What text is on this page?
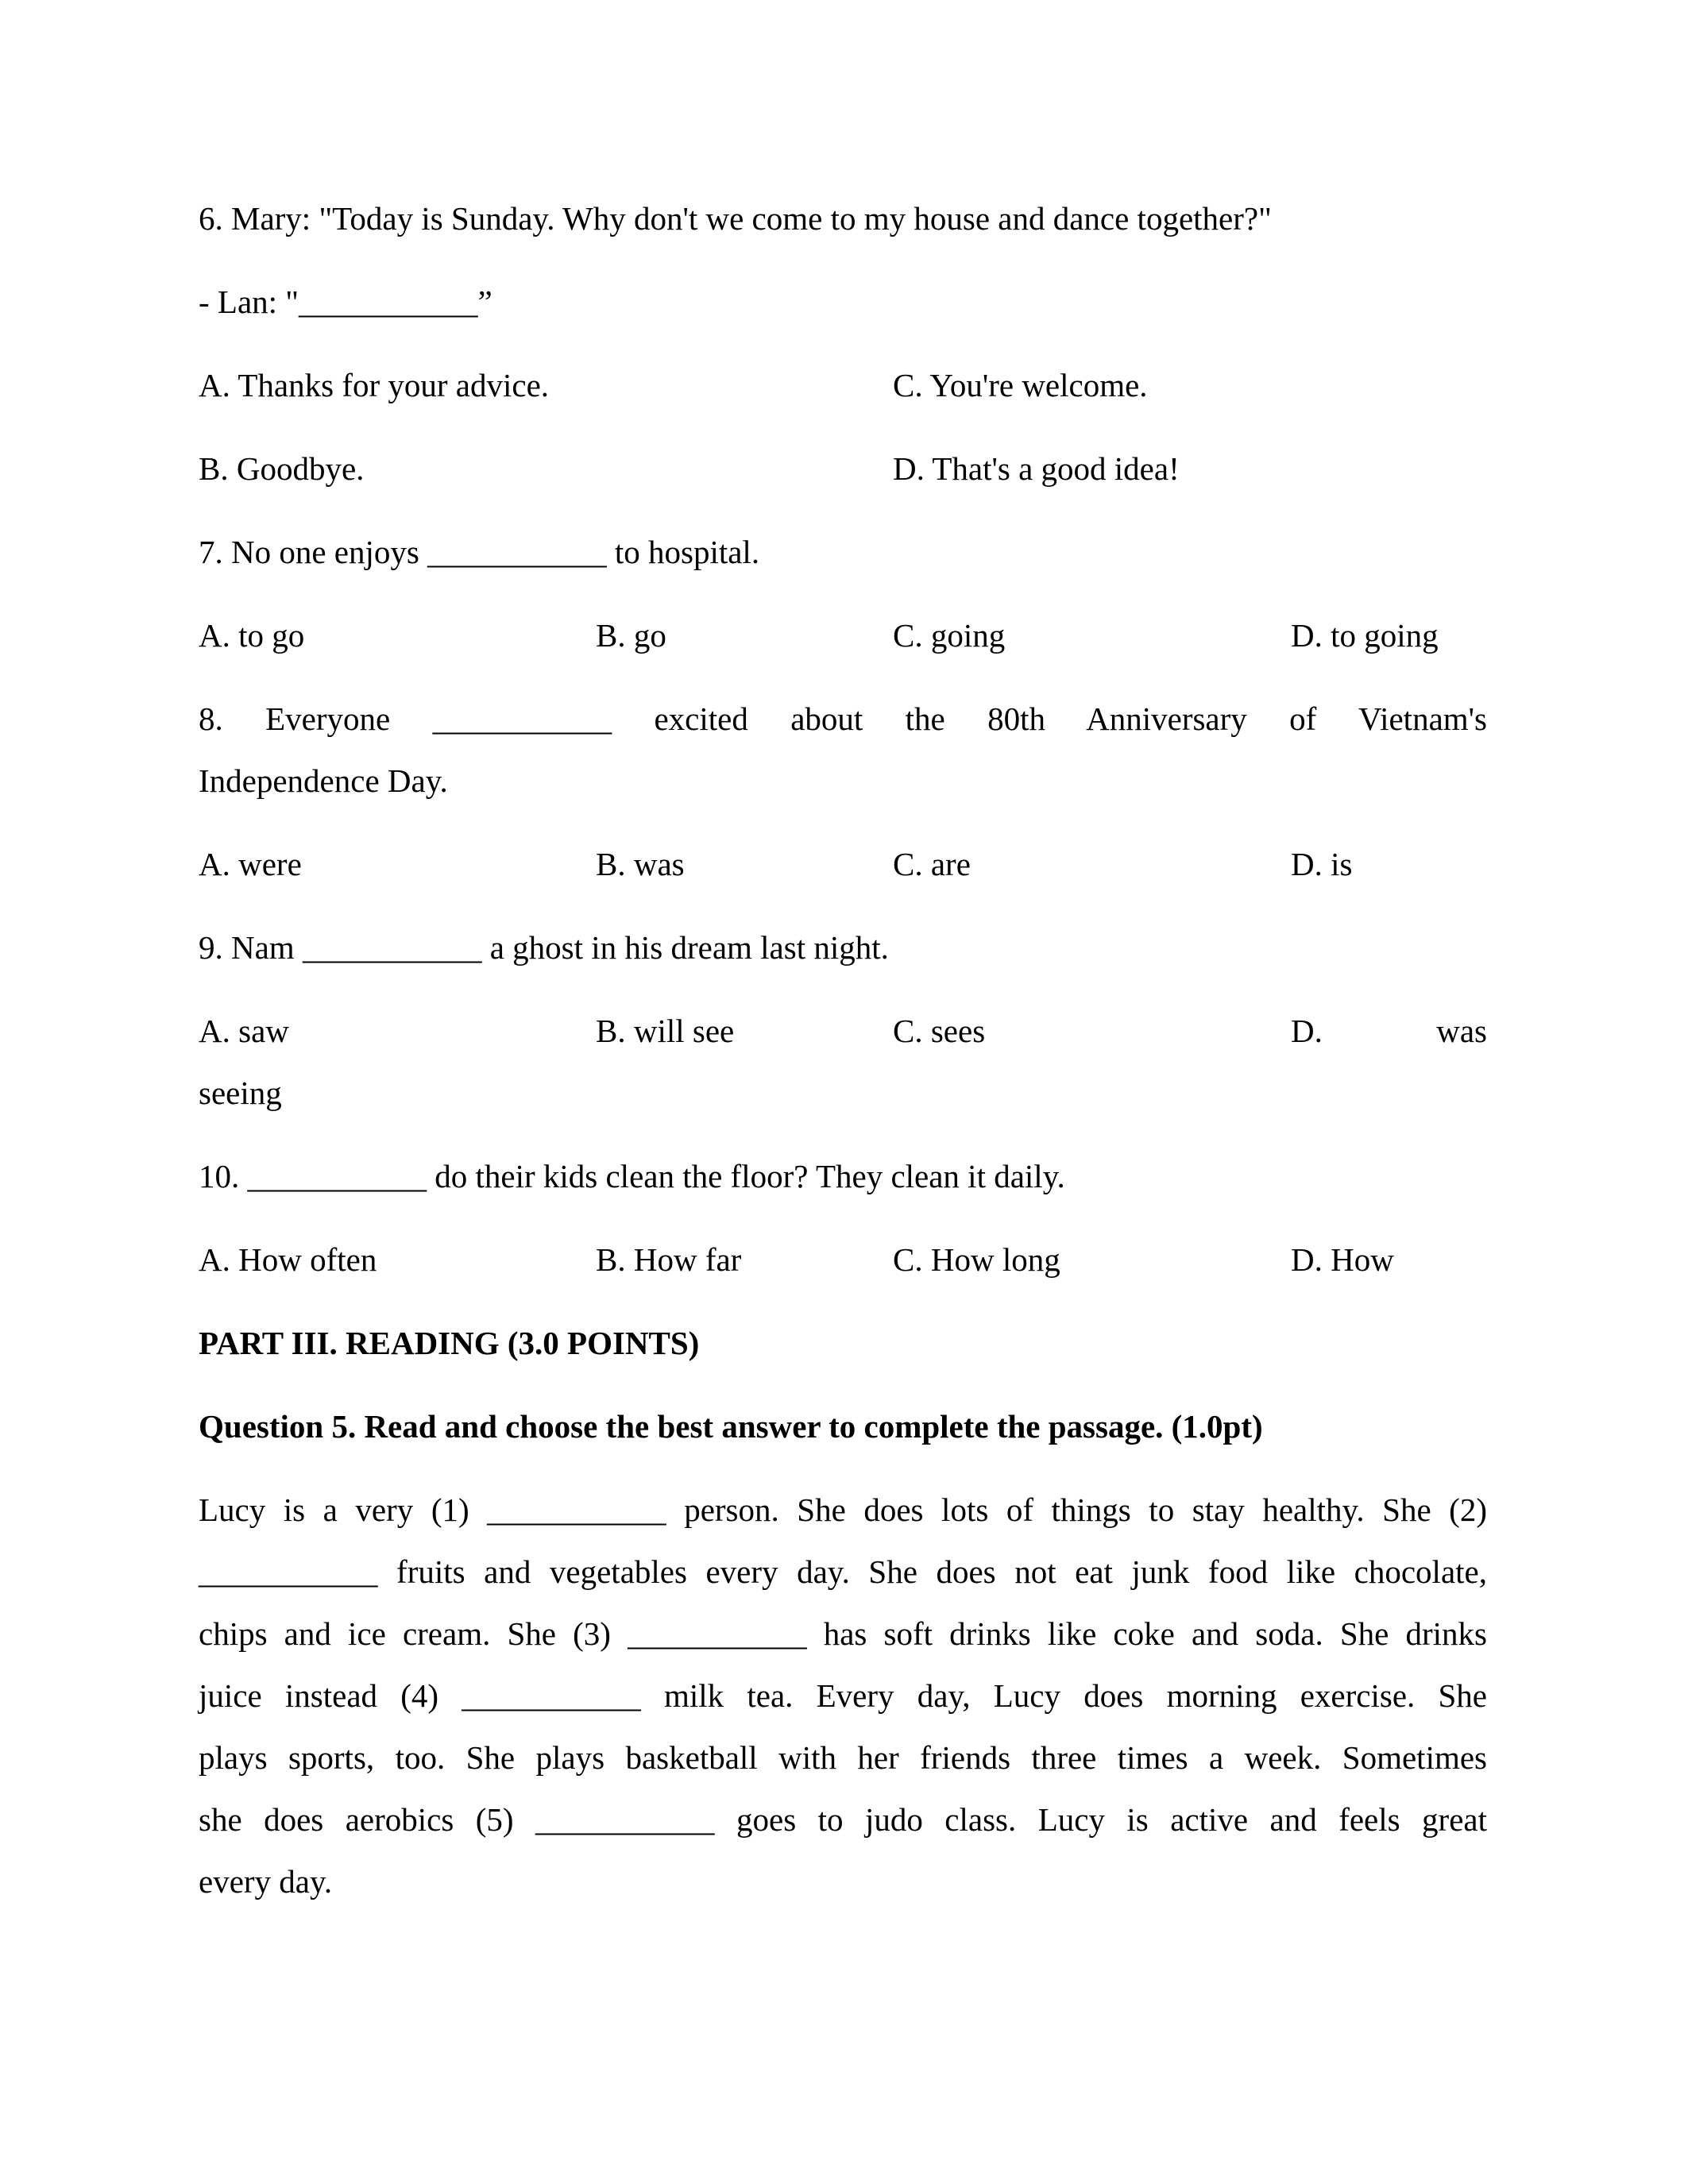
6. Mary: "Today is Sunday. Why don't we come to my house and dance together?"
- Lan: "___________”
A. Thanks for your advice.	C. You're welcome.
B. Goodbye.	D. That's a good idea!
7. No one enjoys ___________ to hospital.
A. to go	B. go	C. going	D. to going
8. Everyone ___________ excited about the 80th Anniversary of Vietnam's
Independence Day.
A. were	B. was	C. are	D. is
9. Nam ___________ a ghost in his dream last night.
A. saw	B. will see	C. sees	D.	was
seeing
10. ___________ do their kids clean the floor? They clean it daily.
A. How often	B. How far	C. How long	D. How
PART III. READING (3.0 POINTS)
Question 5. Read and choose the best answer to complete the passage. (1.0pt)
Lucy is a very (1) ___________ person. She does lots of things to stay healthy. She (2)
___________ fruits and vegetables every day. She does not eat junk food like chocolate,
chips and ice cream. She (3) ___________ has soft drinks like coke and soda. She drinks
juice instead (4) ___________ milk tea. Every day, Lucy does morning exercise. She
plays sports, too. She plays basketball with her friends three times a week. Sometimes
she does aerobics (5) ___________ goes to judo class. Lucy is active and feels great
every day.
